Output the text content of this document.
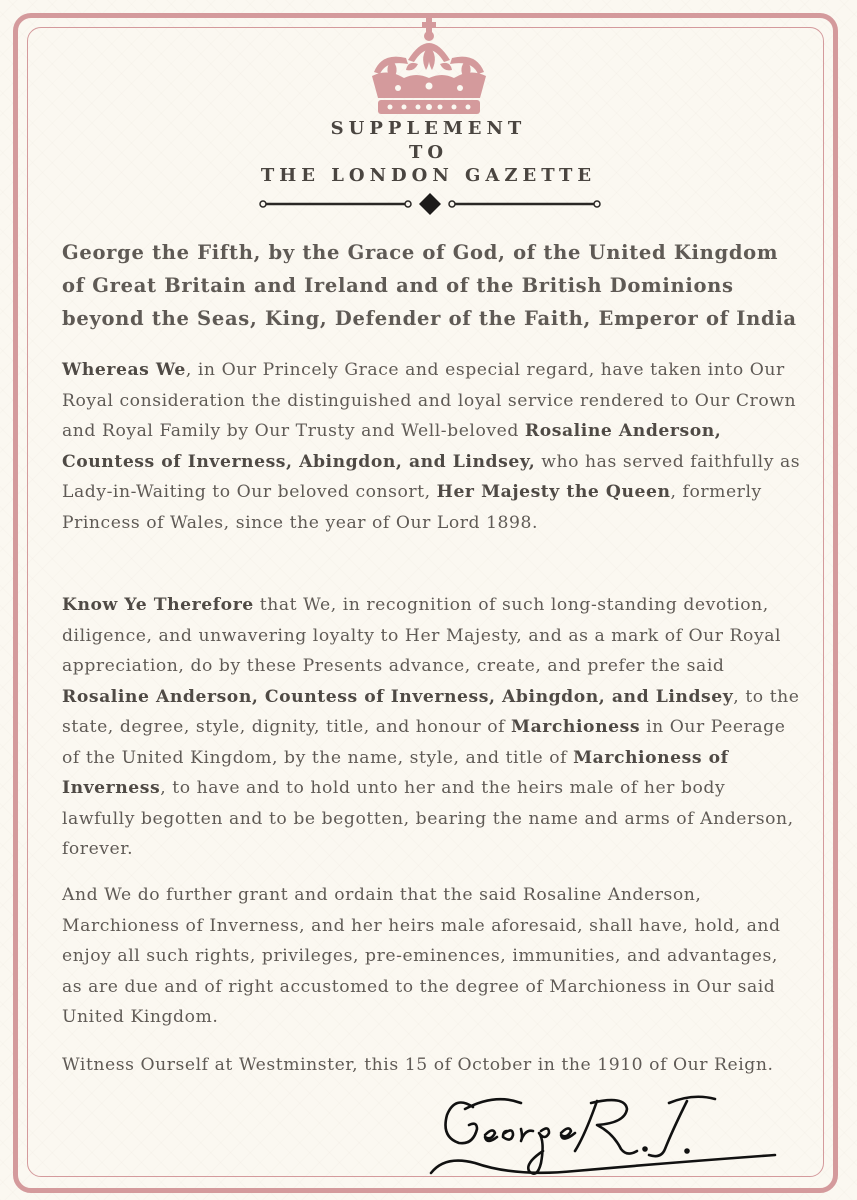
SUPPLEMENT
TO
THE LONDON GAZETTE
George the Fifth, by the Grace of God, of the United Kingdom of Great Britain and Ireland and of the British Dominions beyond the Seas, King, Defender of the Faith, Emperor of India
Whereas We, in Our Princely Grace and especial regard, have taken into Our Royal consideration the distinguished and loyal service rendered to Our Crown and Royal Family by Our Trusty and Well-beloved Rosaline Anderson, Countess of Inverness, Abingdon, and Lindsey, who has served faithfully as Lady-in-Waiting to Our beloved consort, Her Majesty the Queen, formerly Princess of Wales, since the year of Our Lord 1898.
Know Ye Therefore that We, in recognition of such long-standing devotion, diligence, and unwavering loyalty to Her Majesty, and as a mark of Our Royal appreciation, do by these Presents advance, create, and prefer the said Rosaline Anderson, Countess of Inverness, Abingdon, and Lindsey, to the state, degree, style, dignity, title, and honour of Marchioness in Our Peerage of the United Kingdom, by the name, style, and title of Marchioness of Inverness, to have and to hold unto her and the heirs male of her body lawfully begotten and to be begotten, bearing the name and arms of Anderson, forever.
And We do further grant and ordain that the said Rosaline Anderson, Marchioness of Inverness, and her heirs male aforesaid, shall have, hold, and enjoy all such rights, privileges, pre-eminences, immunities, and advantages, as are due and of right accustomed to the degree of Marchioness in Our said United Kingdom.
Witness Ourself at Westminster, this 15 of October in the 1910 of Our Reign.
